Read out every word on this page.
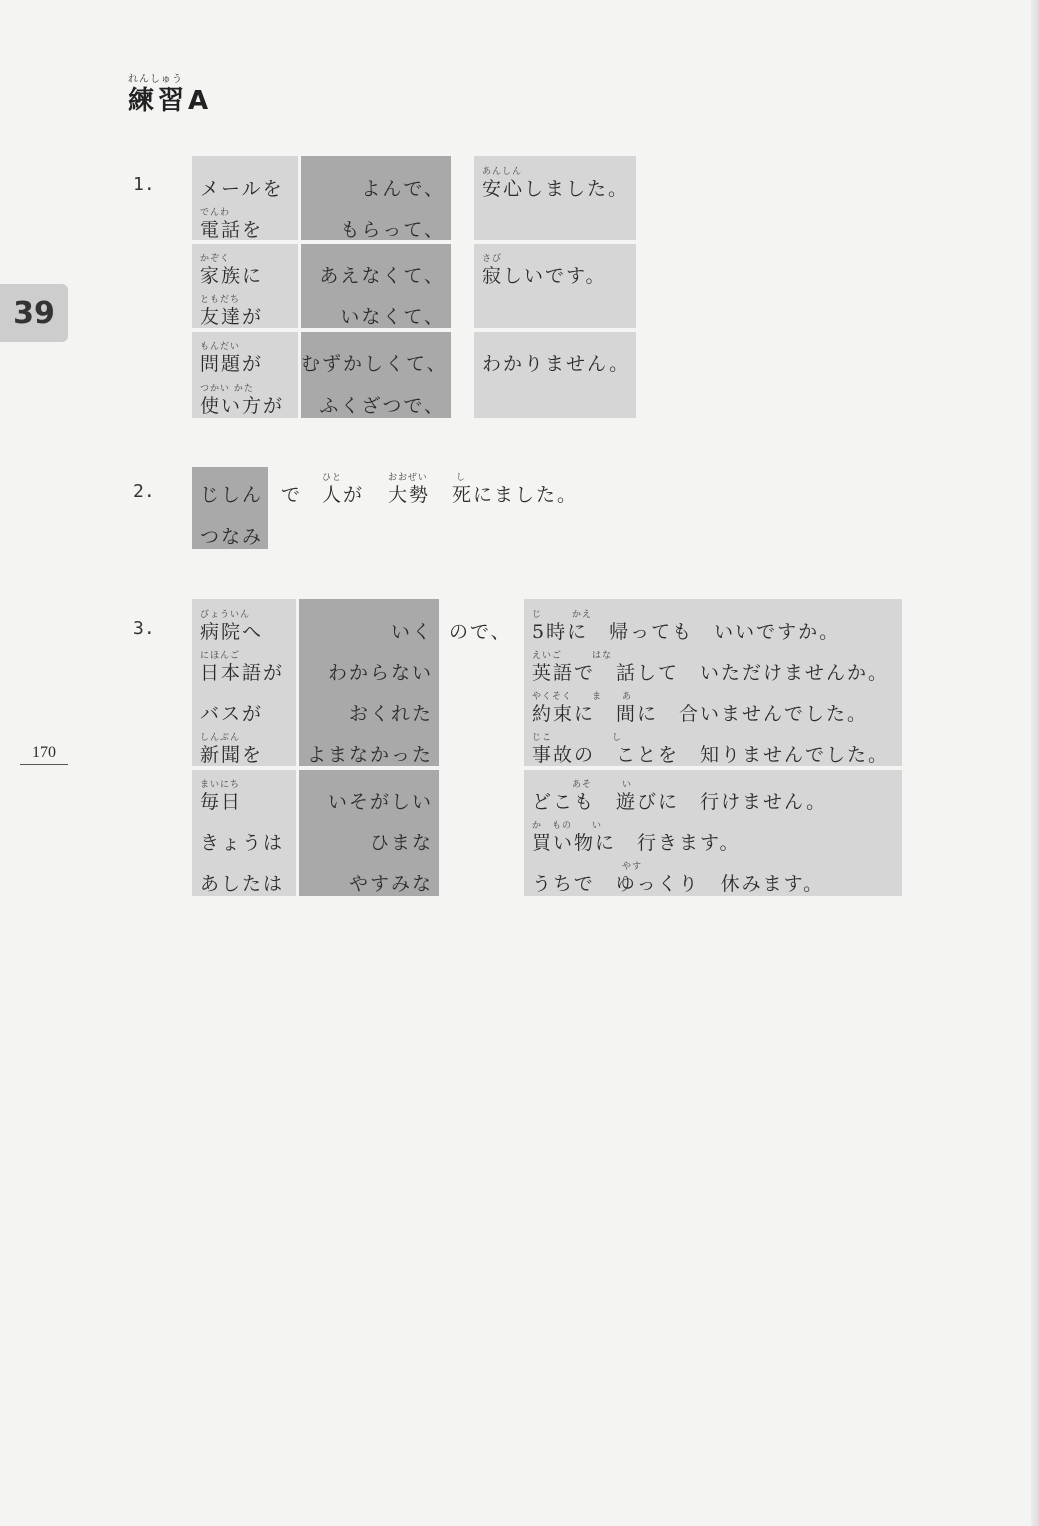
れんしゅう
練習A
39
170
1. メールを
でんわ
電話を
かぞく
家族に
ともだち
友達が
もんだい
問題が
つかい かた
使い方が
よんで、
もらって、
あえなくて、
いなくて、
むずかしくて、
ふくざつで、
あんしん
安心しました。
さび
寂しいです。
わかりません。
2. じしん
つなみ
で
ひと
人が
おおぜい
大勢
し
死にました。
3.
びょういん
病院へ
にほんご
日本語が
バスが
しんぶん
新聞を
まいにち
毎日
きょうは
あしたは
いく
わからない
おくれた
よまなかった
いそがしい
ひまな
やすみな
ので、
じ　　　かえ
5時に　帰っても　いいですか。
えいご　　　はな
英語で　話して　いただけませんか。
やくそく　　ま　　あ
約束に　間に　合いませんでした。
じこ　　　　　　し
事故の　ことを　知りませんでした。
　　　　あそ　　　い
どこも　遊びに　行けません。
か　もの　　い
買い物に　行きます。
　　　　　　　　　やす
うちで　ゆっくり　休みます。
